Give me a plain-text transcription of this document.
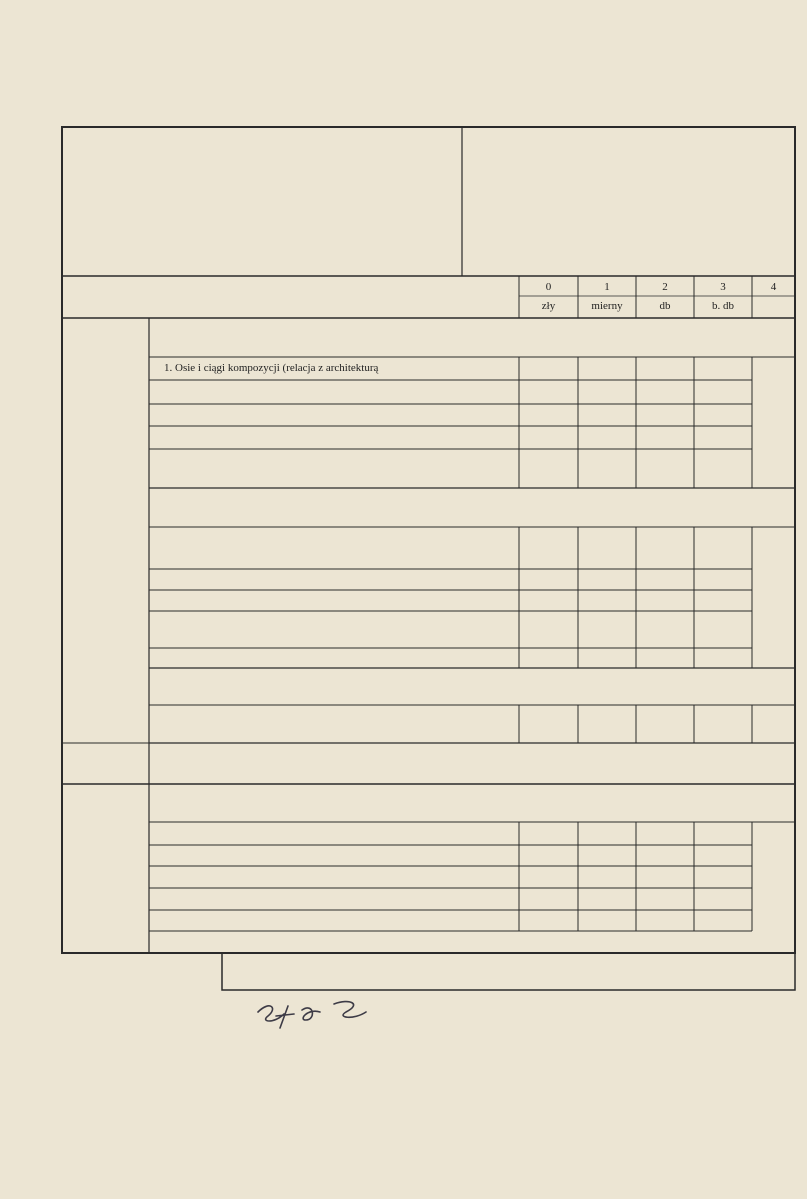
0
zły
1
mierny
2
db
3
b. db
4
1. Osie i ciągi kompozycji (relacja z architekturą
